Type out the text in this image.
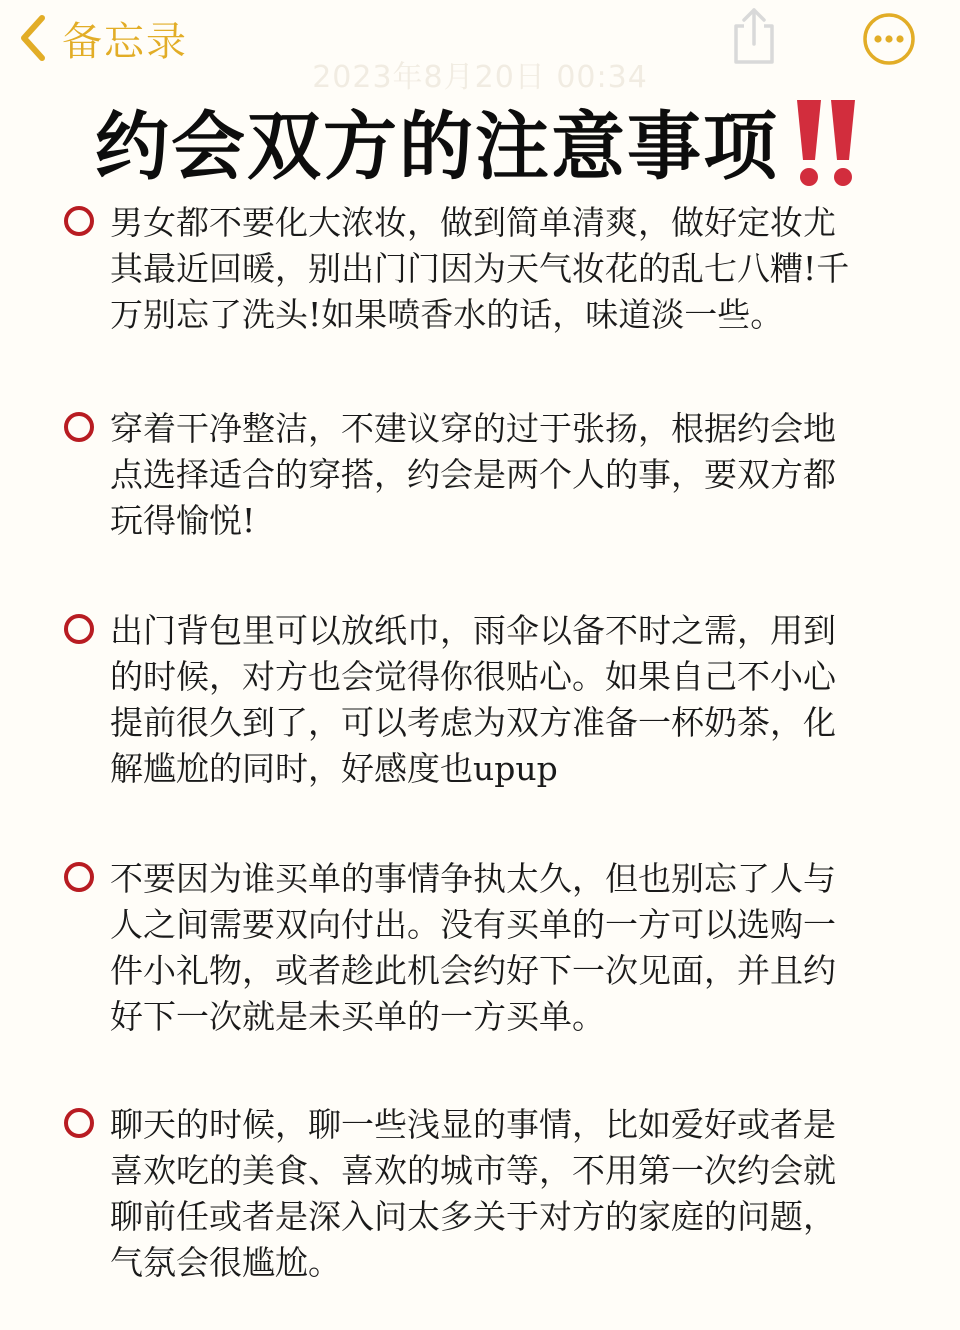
备忘录
2023年8月20日 00:34
约会双方的注意事项
男女都不要化大浓妆，做到简单清爽，做好定妆尤其最近回暖，别出门门因为天气妆花的乱七八糟!千万别忘了洗头!如果喷香水的话，味道淡一些。
穿着干净整洁，不建议穿的过于张扬，根据约会地点选择适合的穿搭，约会是两个人的事，要双方都玩得愉悦!
出门背包里可以放纸巾，雨伞以备不时之需，用到的时候，对方也会觉得你很贴心。如果自己不小心提前很久到了，可以考虑为双方准备一杯奶茶，化解尴尬的同时，好感度也upup
不要因为谁买单的事情争执太久，但也别忘了人与人之间需要双向付出。没有买单的一方可以选购一件小礼物，或者趁此机会约好下一次见面，并且约好下一次就是未买单的一方买单。
聊天的时候，聊一些浅显的事情，比如爱好或者是喜欢吃的美食、喜欢的城市等，不用第一次约会就聊前任或者是深入问太多关于对方的家庭的问题，气氛会很尴尬。
